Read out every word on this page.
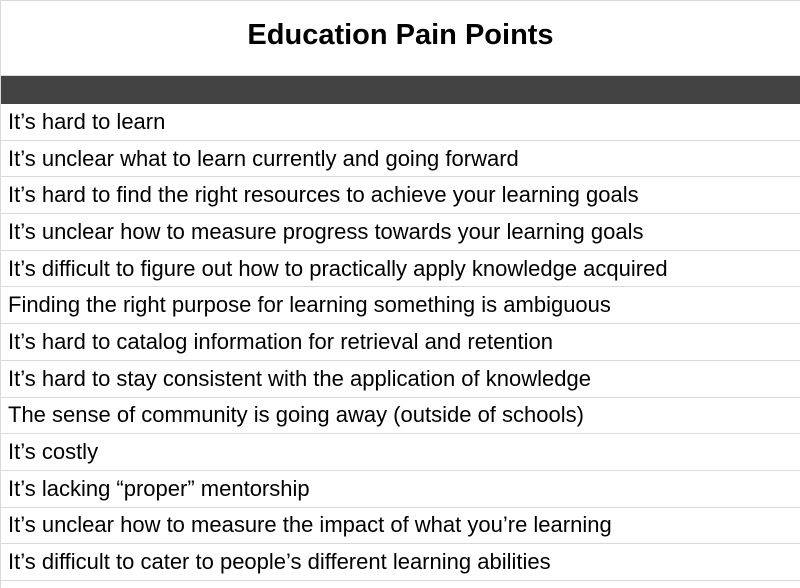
Education Pain Points
It’s hard to learn
It’s unclear what to learn currently and going forward
It’s hard to find the right resources to achieve your learning goals
It’s unclear how to measure progress towards your learning goals
It’s difficult to figure out how to practically apply knowledge acquired
Finding the right purpose for learning something is ambiguous
It’s hard to catalog information for retrieval and retention
It’s hard to stay consistent with the application of knowledge
The sense of community is going away (outside of schools)
It’s costly
It’s lacking “proper” mentorship
It’s unclear how to measure the impact of what you’re learning
It’s difficult to cater to people’s different learning abilities
